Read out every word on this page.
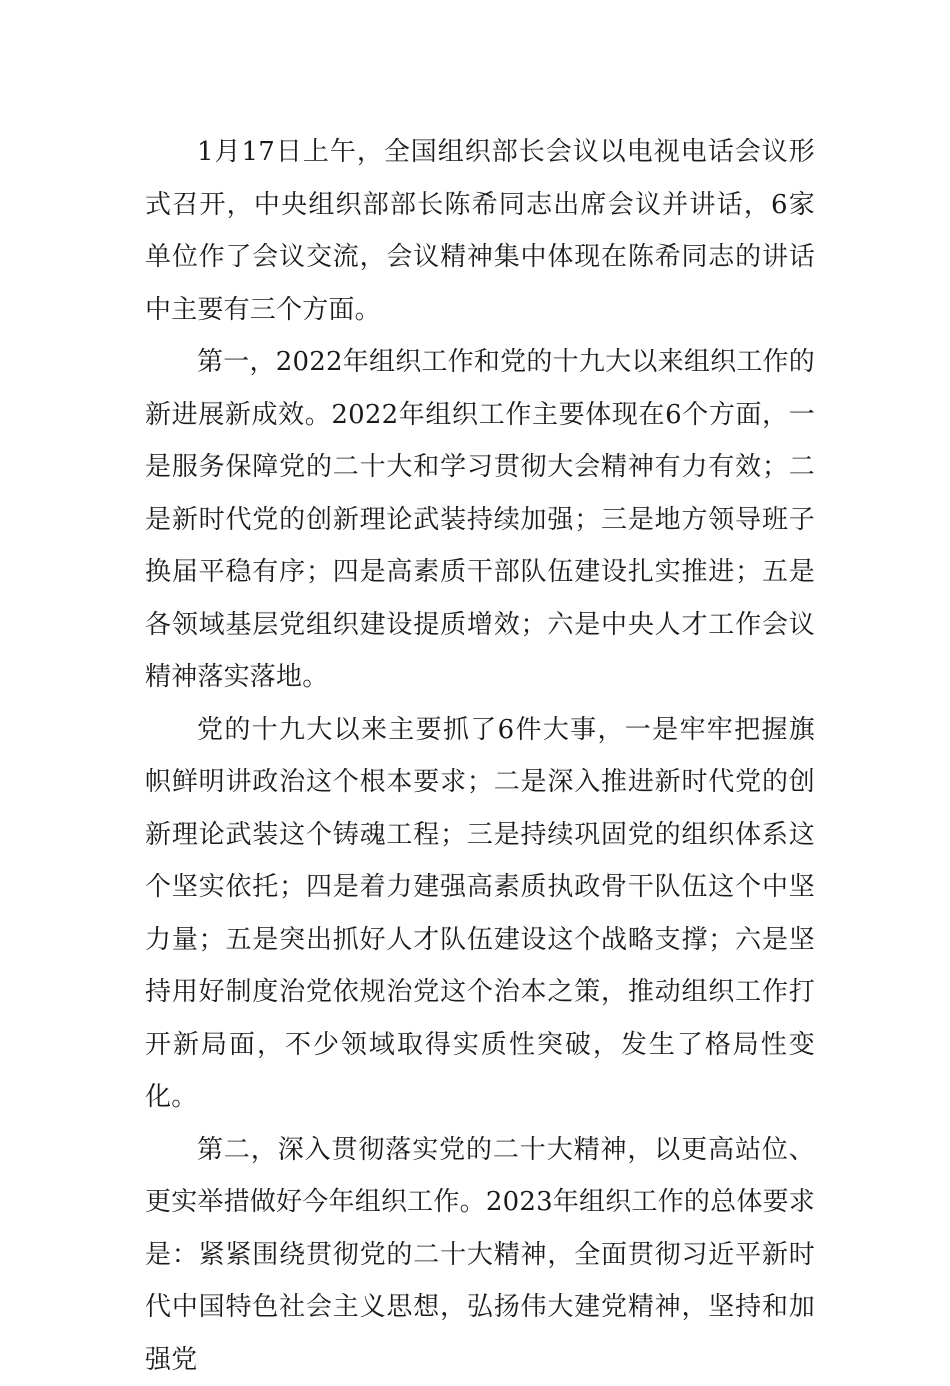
1月17日上午，全国组织部长会议以电视电话会议形式召开，中央组织部部长陈希同志出席会议并讲话，6家单位作了会议交流，会议精神集中体现在陈希同志的讲话中主要有三个方面。

第一，2022年组织工作和党的十九大以来组织工作的新进展新成效。2022年组织工作主要体现在6个方面，一是服务保障党的二十大和学习贯彻大会精神有力有效；二是新时代党的创新理论武装持续加强；三是地方领导班子换届平稳有序；四是高素质干部队伍建设扎实推进；五是各领域基层党组织建设提质增效；六是中央人才工作会议精神落实落地。

党的十九大以来主要抓了6件大事，一是牢牢把握旗帜鲜明讲政治这个根本要求；二是深入推进新时代党的创新理论武装这个铸魂工程；三是持续巩固党的组织体系这个坚实依托；四是着力建强高素质执政骨干队伍这个中坚力量；五是突出抓好人才队伍建设这个战略支撑；六是坚持用好制度治党依规治党这个治本之策，推动组织工作打开新局面，不少领域取得实质性突破，发生了格局性变化。

第二，深入贯彻落实党的二十大精神，以更高站位、更实举措做好今年组织工作。2023年组织工作的总体要求是：紧紧围绕贯彻党的二十大精神，全面贯彻习近平新时代中国特色社会主义思想，弘扬伟大建党精神，坚持和加强党
